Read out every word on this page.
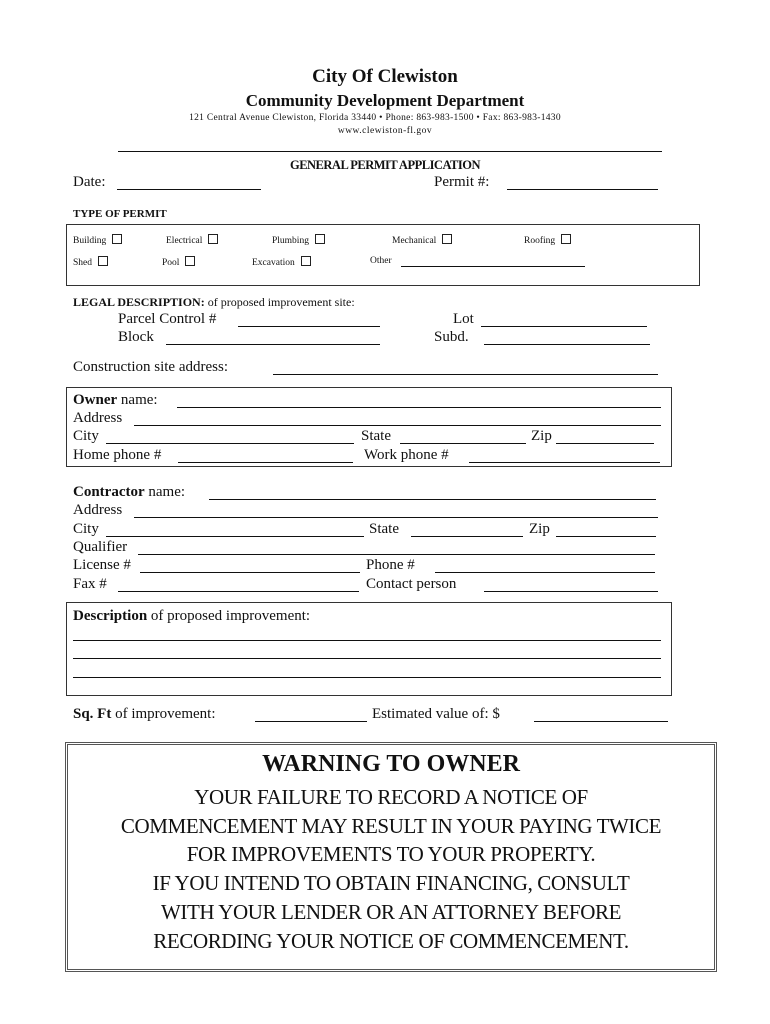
City Of Clewiston
Community Development Department
121 Central Avenue Clewiston, Florida 33440 • Phone: 863-983-1500 • Fax: 863-983-1430
www.clewiston-fl.gov
GENERAL PERMIT APPLICATION
Date:	Permit #:
TYPE OF PERMIT
Building	Electrical	Plumbing	Mechanical	Roofing
Shed	Pool	Excavation	Other
LEGAL DESCRIPTION: of proposed improvement site:
Parcel Control #	Lot
Block	Subd.
Construction site address:
Owner name:
Address
City	State	Zip
Home phone #	Work phone #
Contractor name:
Address
City	State	Zip
Qualifier
License #	Phone #
Fax #	Contact person
Description of proposed improvement:
Sq. Ft of improvement:	Estimated value of: $
WARNING TO OWNER
YOUR FAILURE TO RECORD A NOTICE OF
COMMENCEMENT MAY RESULT IN YOUR PAYING TWICE
FOR IMPROVEMENTS TO YOUR PROPERTY.
IF YOU INTEND TO OBTAIN FINANCING, CONSULT
WITH YOUR LENDER OR AN ATTORNEY BEFORE
RECORDING YOUR NOTICE OF COMMENCEMENT.
